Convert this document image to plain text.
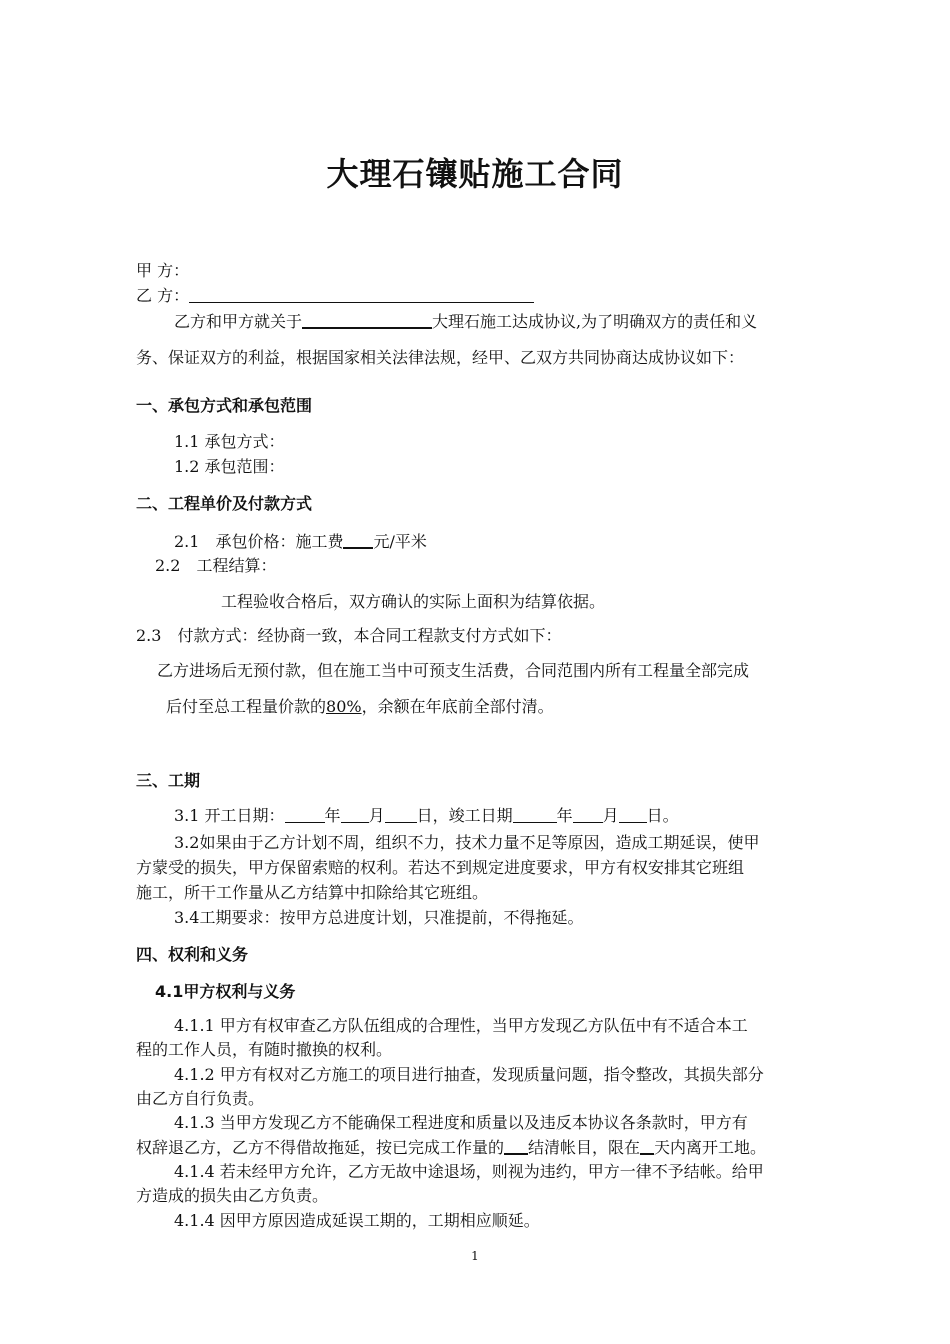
大理石镶贴施工合同
甲 方：
乙 方：
乙方和甲方就关于	大理石施工达成协议,为了明确双方的责任和义
务、保证双方的利益，根据国家相关法律法规，经甲、乙双方共同协商达成协议如下：
一、承包方式和承包范围
1.1 承包方式：
1.2 承包范围：
二、工程单价及付款方式
2.1　承包价格：施工费 元/平米
2.2　工程结算：
工程验收合格后，双方确认的实际上面积为结算依据。
2.3　付款方式：经协商一致，本合同工程款支付方式如下：
乙方进场后无预付款，但在施工当中可预支生活费，合同范围内所有工程量全部完成
后付至总工程量价款的80%，余额在年底前全部付清。
三、工期
3.1 开工日期：	年 月 日，竣工日期	年 月 日。
3.2如果由于乙方计划不周，组织不力，技术力量不足等原因，造成工期延误，使甲
方蒙受的损失，甲方保留索赔的权利。若达不到规定进度要求，甲方有权安排其它班组
施工，所干工作量从乙方结算中扣除给其它班组。
3.4工期要求：按甲方总进度计划，只准提前，不得拖延。
四、权利和义务
4.1甲方权利与义务
4.1.1 甲方有权审查乙方队伍组成的合理性，当甲方发现乙方队伍中有不适合本工
程的工作人员，有随时撤换的权利。
4.1.2 甲方有权对乙方施工的项目进行抽查，发现质量问题，指令整改，其损失部分
由乙方自行负责。
4.1.3 当甲方发现乙方不能确保工程进度和质量以及违反本协议各条款时，甲方有
权辞退乙方，乙方不得借故拖延，按已完成工作量的 结清帐目，限在 天内离开工地。
4.1.4 若未经甲方允许，乙方无故中途退场，则视为违约，甲方一律不予结帐。给甲
方造成的损失由乙方负责。
4.1.4 因甲方原因造成延误工期的，工期相应顺延。
1
